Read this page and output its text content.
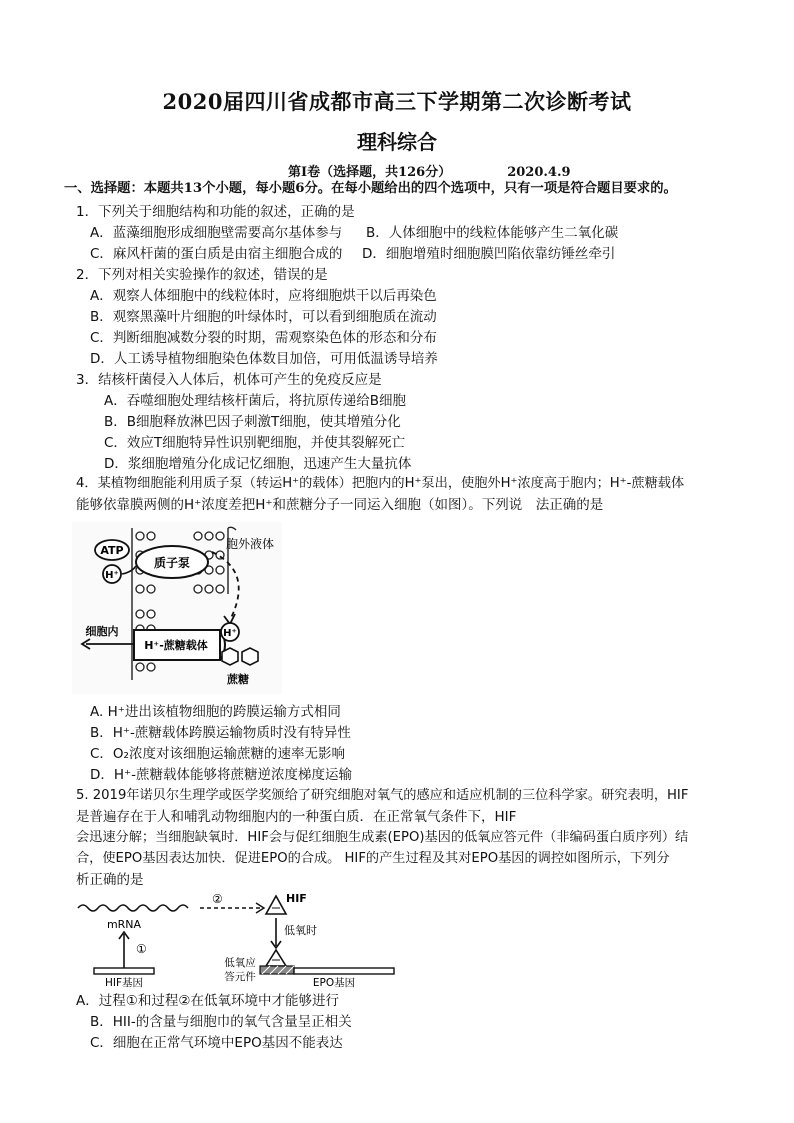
2020届四川省成都市高三下学期第二次诊断考试
理科综合
第Ⅰ卷（选择题，共126分）	2020.4.9
一、选择题：本题共13个小题，每小题6分。在每小题给出的四个选项中，只有一项是符合题目要求的。
1．下列关于细胞结构和功能的叙述，正确的是
A．蓝藻细胞形成细胞壁需要高尔基体参与 B．人体细胞中的线粒体能够产生二氧化碳
C．麻风杆菌的蛋白质是由宿主细胞合成的 D．细胞增殖时细胞膜凹陷依靠纺锤丝牵引
2．下列对相关实验操作的叙述，错误的是
A．观察人体细胞中的线粒体时，应将细胞烘干以后再染色
B．观察黑藻叶片细胞的叶绿体时，可以看到细胞质在流动
C．判断细胞减数分裂的时期，需观察染色体的形态和分布
D．人工诱导植物细胞染色体数目加倍，可用低温诱导培养
3．结核杆菌侵入人体后，机体可产生的免疫反应是
A．吞噬细胞处理结核杆菌后，将抗原传递给B细胞
B．B细胞释放淋巴因子刺激T细胞，使其增殖分化
C．效应T细胞特异性识别靶细胞，并使其裂解死亡
D．浆细胞增殖分化成记忆细胞，迅速产生大量抗体
4．某植物细胞能利用质子泵（转运H⁺的载体）把胞内的H⁺泵出，使胞外H⁺浓度高于胞内；H⁺-蔗糖载体
能够依靠膜两侧的H⁺浓度差把H⁺和蔗糖分子一同运入细胞（如图）。下列说　法正确的是
质子泵
ATP
H⁺
胞外液体
H⁺-蔗糖载体
H⁺
蔗糖
细胞内
A. H⁺进出该植物细胞的跨膜运输方式相同
B．H⁺-蔗糖载体跨膜运输物质时没有特异性
C．O₂浓度对该细胞运输蔗糖的速率无影响
D．H⁺-蔗糖载体能够将蔗糖逆浓度梯度运输
5. 2019年诺贝尔生理学或医学奖颁给了研究细胞对氧气的感应和适应机制的三位科学家。研究表明，HIF
是普遍存在于人和哺乳动物细胞内的一种蛋白质．在正常氧气条件下，HIF
会迅速分解；当细胞缺氧时．HIF会与促红细胞生成素(EPO)基因的低氧应答元件（非编码蛋白质序列）结
合，使EPO基因表达加快．促进EPO的合成。 HIF的产生过程及其对EPO基因的调控如图所示，下列分
析正确的是
mRNA
①
HIF基因
②	HIF
低氧时
低氧应
答元件	EPO基因
A．过程①和过程②在低氧环境中才能够进行
B．HII-的含量与细胞巾的氧气含量呈正相关
C．细胞在正常气环境中EPO基因不能表达
